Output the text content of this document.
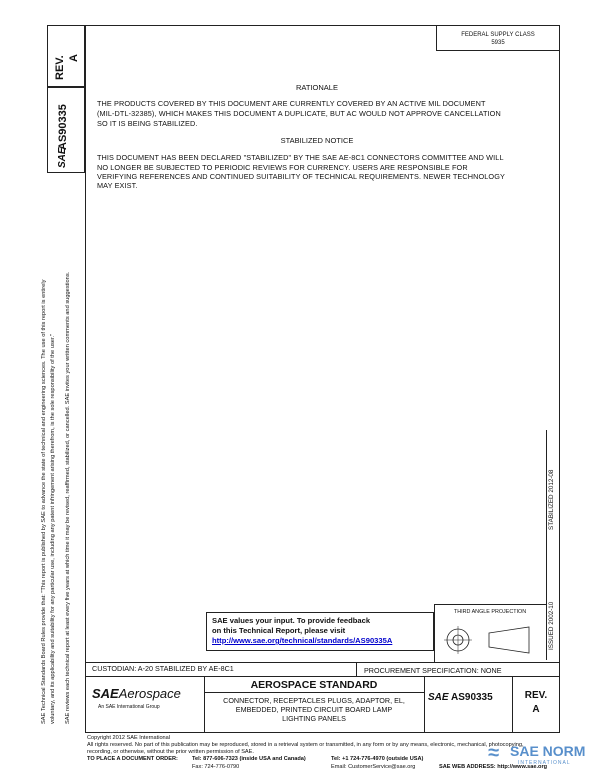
REV. A
AS90335
SAE
SAE Technical Standards Board Rules provide that: "This report is published by SAE to advance the state of technical and engineering sciences. The use of this report is entirely voluntary, and its applicability and suitability for any particular use, including any patent infringement arising therefrom, is the sole responsibility of the user." SAE reviews each technical report at least every five years at which time it may be revised, reaffirmed, stabilized, or cancelled. SAE invites your written comments and suggestions.
FEDERAL SUPPLY CLASS
5935
RATIONALE
THE PRODUCTS COVERED BY THIS DOCUMENT ARE CURRENTLY COVERED BY AN ACTIVE MIL DOCUMENT
(MIL-DTL-32385), WHICH MAKES THIS DOCUMENT A DUPLICATE, BUT AC WOULD NOT APPROVE CANCELLATION
SO IT IS BEING STABILIZED.
STABILIZED NOTICE
THIS DOCUMENT HAS BEEN DECLARED "STABILIZED" BY THE SAE AE-8C1 CONNECTORS COMMITTEE AND WILL
NO LONGER BE SUBJECTED TO PERIODIC REVIEWS FOR CURRENCY. USERS ARE RESPONSIBLE FOR
VERIFYING REFERENCES AND CONTINUED SUITABILITY OF TECHNICAL REQUIREMENTS. NEWER TECHNOLOGY
MAY EXIST.
STABILIZED 2012-08
ISSUED 2002-10
SAE values your input. To provide feedback
on this Technical Report, please visit
http://www.sae.org/technical/standards/AS90335A
THIRD ANGLE PROJECTION
CUSTODIAN: A-20 STABILIZED BY AE-8C1	PROCUREMENT SPECIFICATION: NONE
SAEAerospace
An SAE International Group
AEROSPACE STANDARD
CONNECTOR, RECEPTACLES PLUGS, ADAPTOR, EL,
EMBEDDED, PRINTED CIRCUIT BOARD LAMP
LIGHTING PANELS
SAE AS90335	REV.
A
Copyright 2012 SAE International
All rights reserved. No part of this publication may be reproduced, stored in a retrieval system or transmitted, in any form or by any means, electronic, mechanical, photocopying,
recording, or otherwise, without the prior written permission of SAE.
TO PLACE A DOCUMENT ORDER:	Tel: 877-606-7323 (inside USA and Canada)	Tel: +1 724-776-4970 (outside USA)
Fax: 724-776-0790	Email: CustomerService@sae.org	SAE WEB ADDRESS: http://www.sae.org
≈ SAE NORM
INTERNATIONAL
